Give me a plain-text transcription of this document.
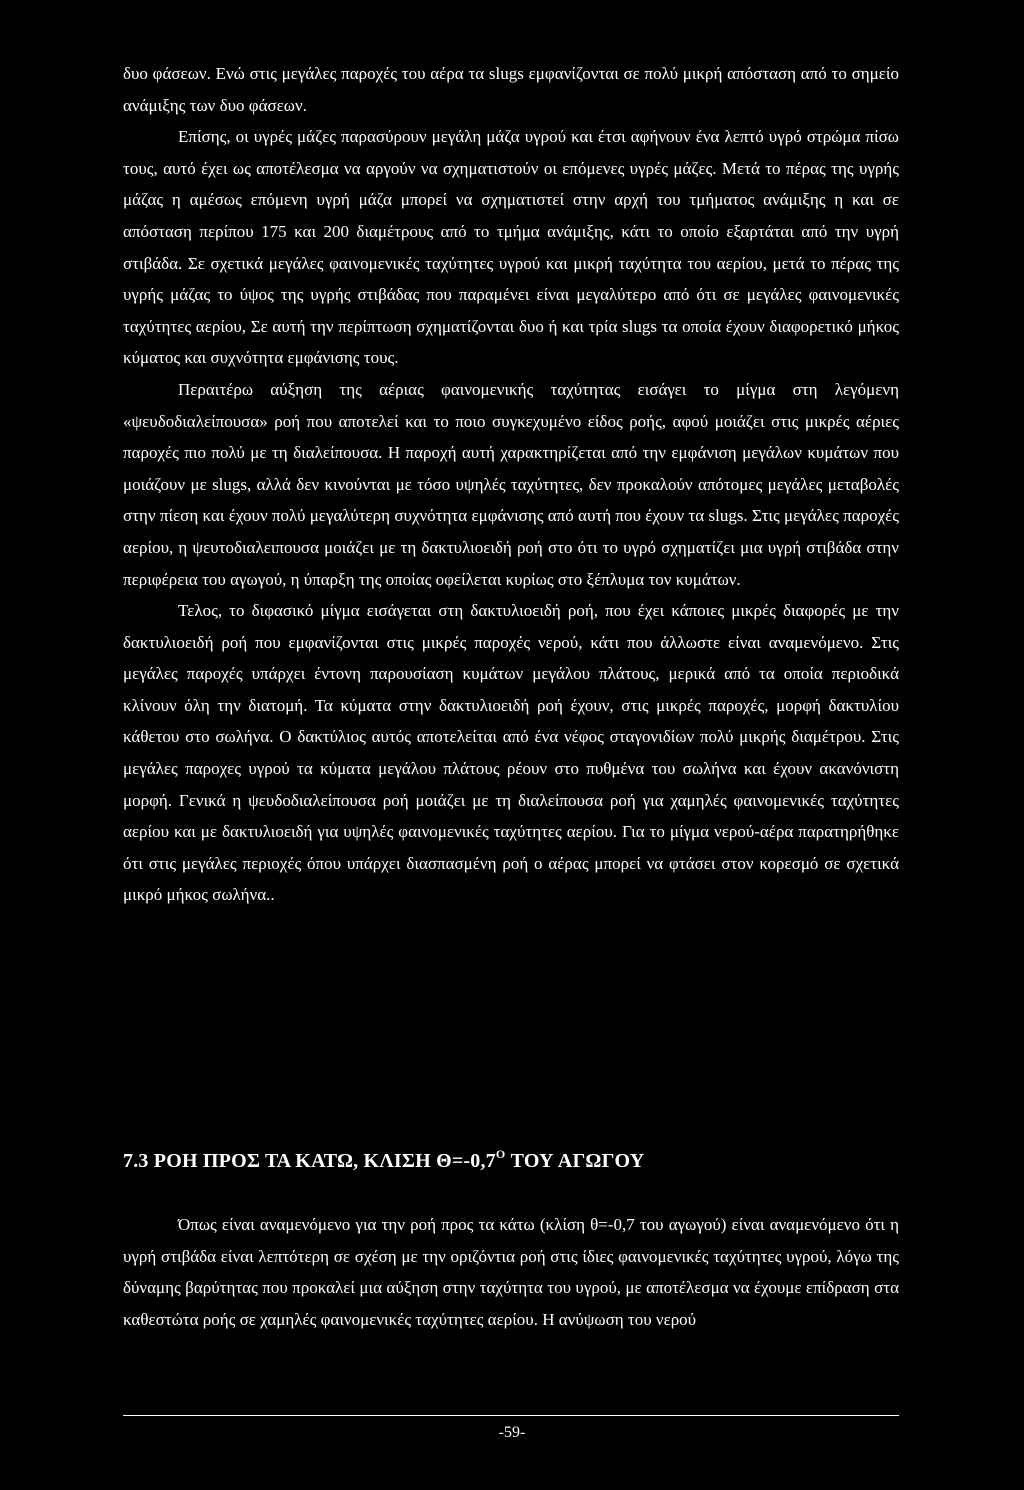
δυο φάσεων. Ενώ στις μεγάλες παροχές του αέρα τα slugs εμφανίζονται σε πολύ μικρή απόσταση από το σημείο ανάμιξης των δυο φάσεων.

Επίσης, οι υγρές μάζες παρασύρουν μεγάλη μάζα υγρού και έτσι αφήνουν ένα λεπτό υγρό στρώμα πίσω τους, αυτό έχει ως αποτέλεσμα να αργούν να σχηματιστούν οι επόμενες υγρές μάζες. Μετά το πέρας της υγρής μάζας η αμέσως επόμενη υγρή μάζα μπορεί να σχηματιστεί στην αρχή του τμήματος ανάμιξης η και σε απόσταση περίπου 175 και 200 διαμέτρους από το τμήμα ανάμιξης, κάτι το οποίο εξαρτάται από την υγρή στιβάδα. Σε σχετικά μεγάλες φαινομενικές ταχύτητες υγρού και μικρή ταχύτητα του αερίου, μετά το πέρας της υγρής μάζας το ύψος της υγρής στιβάδας που παραμένει είναι μεγαλύτερο από ότι σε μεγάλες φαινομενικές ταχύτητες αερίου, Σε αυτή την περίπτωση σχηματίζονται δυο ή και τρία slugs τα οποία έχουν διαφορετικό μήκος κύματος και συχνότητα εμφάνισης τους.

Περαιτέρω αύξηση της αέριας φαινομενικής ταχύτητας εισάγει το μίγμα στη λεγόμενη «ψευδοδιαλείπουσα» ροή που αποτελεί και το ποιο συγκεχυμένο είδος ροής, αφού μοιάζει στις μικρές αέριες παροχές πιο πολύ με τη διαλείπουσα. Η παροχή αυτή χαρακτηρίζεται από την εμφάνιση μεγάλων κυμάτων που μοιάζουν με slugs, αλλά δεν κινούνται με τόσο υψηλές ταχύτητες, δεν προκαλούν απότομες μεγάλες μεταβολές στην πίεση και έχουν πολύ μεγαλύτερη συχνότητα εμφάνισης από αυτή που έχουν τα slugs. Στις μεγάλες παροχές αερίου, η ψευτοδιαλειπουσα μοιάζει με τη δακτυλιοειδή ροή στο ότι το υγρό σχηματίζει μια υγρή στιβάδα στην περιφέρεια του αγωγού, η ύπαρξη της οποίας οφείλεται κυρίως στο ξέπλυμα τον κυμάτων.

Τελος, το διφασικό μίγμα εισάγεται στη δακτυλιοειδή ροή, που έχει κάποιες μικρές διαφορές με την δακτυλιοειδή ροή που εμφανίζονται στις μικρές παροχές νερού, κάτι που άλλωστε είναι αναμενόμενο. Στις μεγάλες παροχές υπάρχει έντονη παρουσίαση κυμάτων μεγάλου πλάτους, μερικά από τα οποία περιοδικά κλίνουν όλη την διατομή. Τα κύματα στην δακτυλιοειδή ροή έχουν, στις μικρές παροχές, μορφή δακτυλίου κάθετου στο σωλήνα. Ο δακτύλιος αυτός αποτελείται από ένα νέφος σταγονιδίων πολύ μικρής διαμέτρου. Στις μεγάλες παροχες υγρού τα κύματα μεγάλου πλάτους ρέουν στο πυθμένα του σωλήνα και έχουν ακανόνιστη μορφή. Γενικά η ψευδοδιαλείπουσα ροή μοιάζει με τη διαλείπουσα ροή για χαμηλές φαινομενικές ταχύτητες αερίου και με δακτυλιοειδή για υψηλές φαινομενικές ταχύτητες αερίου. Για το μίγμα νερού-αέρα παρατηρήθηκε ότι στις μεγάλες περιοχές όπου υπάρχει διασπασμένη ροή ο αέρας μπορεί να φτάσει στον κορεσμό σε σχετικά μικρό μήκος σωλήνα..

7.3 ΡΟΗ ΠΡΟΣ ΤΑ ΚΑΤΩ, ΚΛΙΣΗ $\Theta=-0,7^O$ ΤΟΥ ΑΓΩΓΟΥ

Όπως είναι αναμενόμενο για την ροή προς τα κάτω (κλίση θ=-0,7 του αγωγού) είναι αναμενόμενο ότι η υγρή στιβάδα είναι λεπτότερη σε σχέση με την οριζόντια ροή στις ίδιες φαινομενικές ταχύτητες υγρού, λόγω της δύναμης βαρύτητας που προκαλεί μια αύξηση στην ταχύτητα του υγρού, με αποτέλεσμα να έχουμε επίδραση στα καθεστώτα ροής σε χαμηλές φαινομενικές ταχύτητες αερίου. Η ανύψωση του νερού

-59-
